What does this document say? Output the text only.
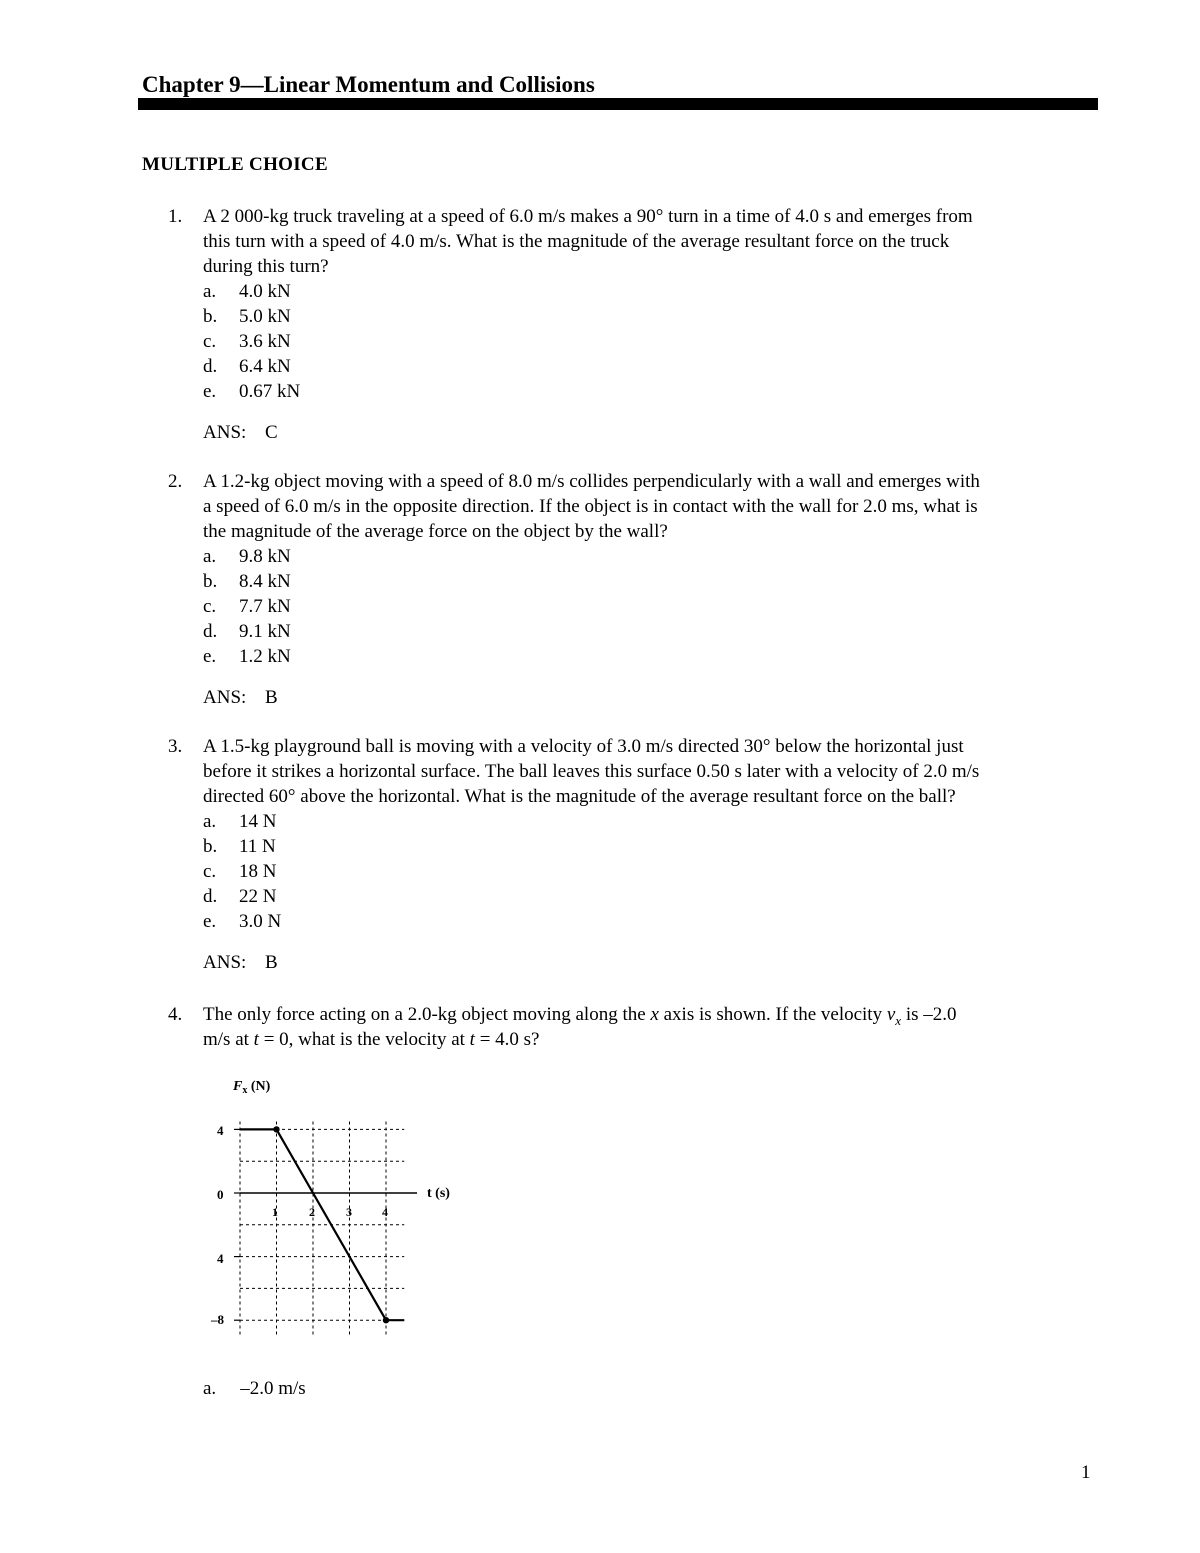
Chapter 9—Linear Momentum and Collisions
MULTIPLE CHOICE
1. A 2 000-kg truck traveling at a speed of 6.0 m/s makes a 90° turn in a time of 4.0 s and emerges from
this turn with a speed of 4.0 m/s. What is the magnitude of the average resultant force on the truck
during this turn?
a. 4.0 kN
b. 5.0 kN
c. 3.6 kN
d. 6.4 kN
e. 0.67 kN
ANS: C
2. A 1.2-kg object moving with a speed of 8.0 m/s collides perpendicularly with a wall and emerges with
a speed of 6.0 m/s in the opposite direction. If the object is in contact with the wall for 2.0 ms, what is
the magnitude of the average force on the object by the wall?
a. 9.8 kN
b. 8.4 kN
c. 7.7 kN
d. 9.1 kN
e. 1.2 kN
ANS: B
3. A 1.5-kg playground ball is moving with a velocity of 3.0 m/s directed 30° below the horizontal just
before it strikes a horizontal surface. The ball leaves this surface 0.50 s later with a velocity of 2.0 m/s
directed 60° above the horizontal. What is the magnitude of the average resultant force on the ball?
a. 14 N
b. 11 N
c. 18 N
d. 22 N
e. 3.0 N
ANS: B
4. The only force acting on a 2.0-kg object moving along the x axis is shown. If the velocity $v_x$ is –2.0
m/s at t = 0, what is the velocity at t = 4.0 s?
$F_x$ (N)
t (s)
4
0
4
–8
1	2	3	4
a. –2.0 m/s
1
